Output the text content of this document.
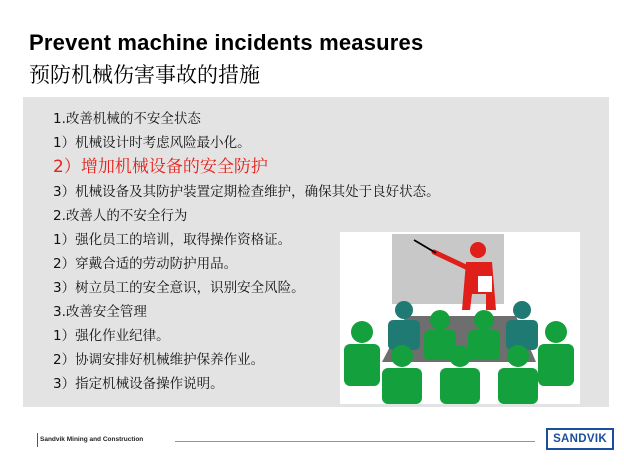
Prevent machine incidents measures
预防机械伤害事故的措施
1.改善机械的不安全状态
1）机械设计时考虑风险最小化。
2）增加机械设备的安全防护
3）机械设备及其防护装置定期检查维护，确保其处于良好状态。
2.改善人的不安全行为
1）强化员工的培训，取得操作资格证。
2）穿戴合适的劳动防护用品。
3）树立员工的安全意识，识别安全风险。
3.改善安全管理
1）强化作业纪律。
2）协调安排好机械维护保养作业。
3）指定机械设备操作说明。
Sandvik Mining and Construction	SANDVIK
